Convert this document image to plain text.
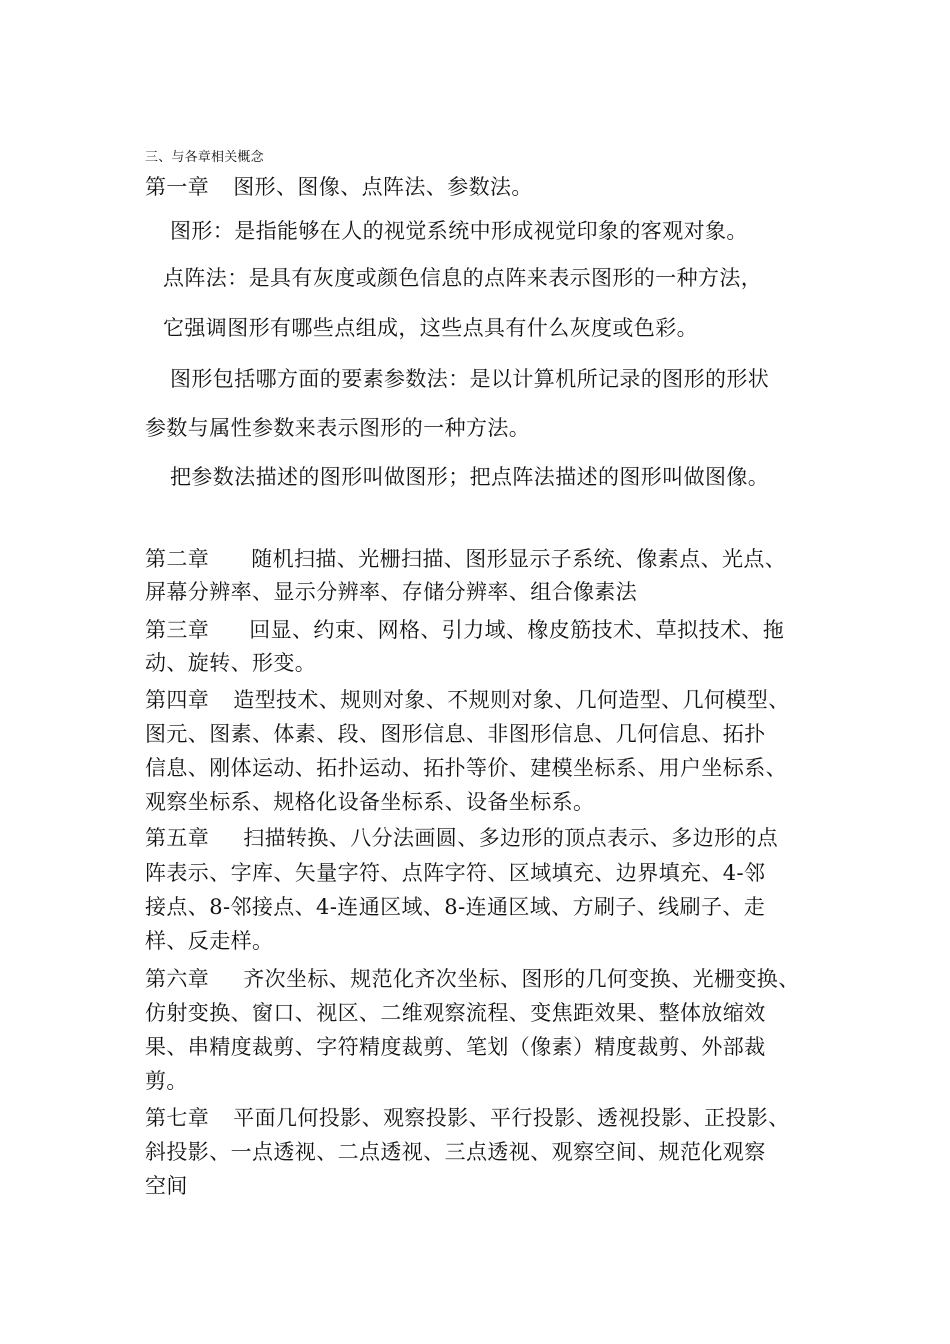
三、与各章相关概念
第一章 图形、图像、点阵法、参数法。
图形：是指能够在人的视觉系统中形成视觉印象的客观对象。
点阵法：是具有灰度或颜色信息的点阵来表示图形的一种方法，
它强调图形有哪些点组成，这些点具有什么灰度或色彩。
图形包括哪方面的要素参数法：是以计算机所记录的图形的形状
参数与属性参数来表示图形的一种方法。
把参数法描述的图形叫做图形；把点阵法描述的图形叫做图像。
第二章 随机扫描、光栅扫描、图形显示子系统、像素点、光点、
屏幕分辨率、显示分辨率、存储分辨率、组合像素法
第三章 回显、约束、网格、引力域、橡皮筋技术、草拟技术、拖
动、旋转、形变。
第四章 造型技术、规则对象、不规则对象、几何造型、几何模型、
图元、图素、体素、段、图形信息、非图形信息、几何信息、拓扑
信息、刚体运动、拓扑运动、拓扑等价、建模坐标系、用户坐标系、
观察坐标系、规格化设备坐标系、设备坐标系。
第五章 扫描转换、八分法画圆、多边形的顶点表示、多边形的点
阵表示、字库、矢量字符、点阵字符、区域填充、边界填充、4-邻
接点、8-邻接点、4-连通区域、8-连通区域、方刷子、线刷子、走
样、反走样。
第六章 齐次坐标、规范化齐次坐标、图形的几何变换、光栅变换、
仿射变换、窗口、视区、二维观察流程、变焦距效果、整体放缩效
果、串精度裁剪、字符精度裁剪、笔划（像素）精度裁剪、外部裁
剪。
第七章 平面几何投影、观察投影、平行投影、透视投影、正投影、
斜投影、一点透视、二点透视、三点透视、观察空间、规范化观察
空间
